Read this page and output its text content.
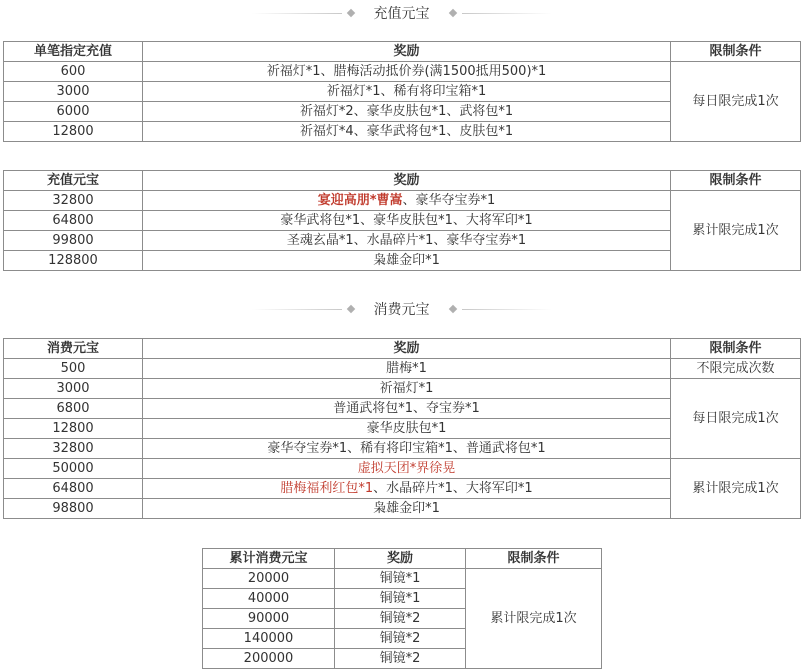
充值元宝
单笔指定充值	奖励	限制条件
600	祈福灯*1、腊梅活动抵价券(满1500抵用500)*1	每日限完成1次
3000	祈福灯*1、稀有将印宝箱*1	
6000	祈福灯*2、豪华皮肤包*1、武将包*1	
12800	祈福灯*4、豪华武将包*1、皮肤包*1	
充值元宝	奖励	限制条件
32800	宴迎高朋*曹嵩、豪华夺宝券*1	累计限完成1次
64800	豪华武将包*1、豪华皮肤包*1、大将军印*1	
99800	圣魂玄晶*1、水晶碎片*1、豪华夺宝券*1	
128800	枭雄金印*1	
消费元宝
消费元宝	奖励	限制条件
500	腊梅*1	不限完成次数
3000	祈福灯*1	每日限完成1次
6800	普通武将包*1、夺宝券*1	
12800	豪华皮肤包*1	
32800	豪华夺宝券*1、稀有将印宝箱*1、普通武将包*1	
50000	虚拟天团*界徐晃	累计限完成1次
64800	腊梅福利红包*1、水晶碎片*1、大将军印*1	
98800	枭雄金印*1	
累计消费元宝	奖励	限制条件
20000	铜镜*1	累计限完成1次
40000	铜镜*1	
90000	铜镜*2	
140000	铜镜*2	
200000	铜镜*2	
